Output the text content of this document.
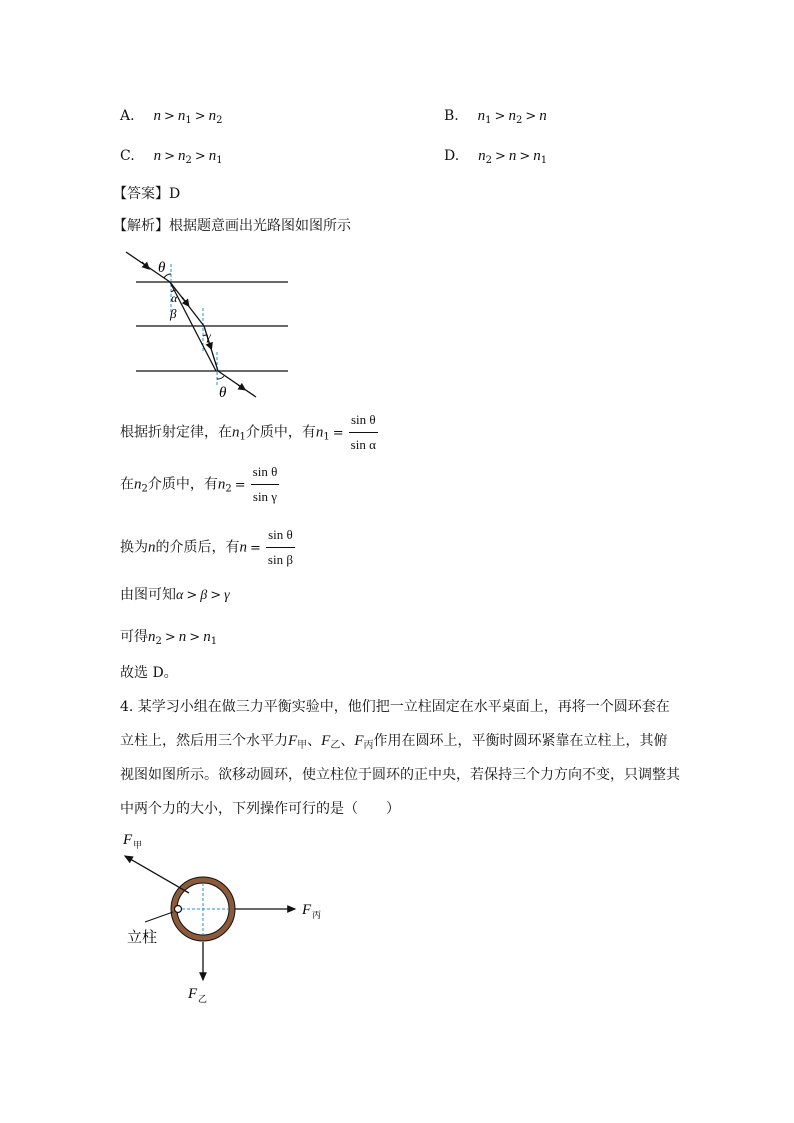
A. $n > n_1 > n_2$	B. $n_1 > n_2 > n$
C. $n > n_2 > n_1$	D. $n_2 > n > n_1$
【答案】D
【解析】根据题意画出光路图如图所示
θ
α
β
γ
θ
根据折射定律，在$n_1$介质中，有$n_1 = \frac{\text{sin θ}}{\text{sin α}}$
在$n_2$介质中，有$n_2 = \frac{\text{sin θ}}{\text{sin γ}}$
换为n的介质后，有$n = \frac{\text{sin θ}}{\text{sin β}}$
由图可知α > β > γ
可得$n_2 > n > n_1$
故选 D。
4. 某学习小组在做三力平衡实验中，他们把一立柱固定在水平桌面上，再将一个圆环套在
立柱上，然后用三个水平力$F_甲$、$F_乙$、$F_丙$作用在圆环上，平衡时圆环紧靠在立柱上，其俯
视图如图所示。欲移动圆环，使立柱位于圆环的正中央，若保持三个力方向不变，只调整其
中两个力的大小，下列操作可行的是（　　）
F 甲
F 丙
F 乙
立柱
